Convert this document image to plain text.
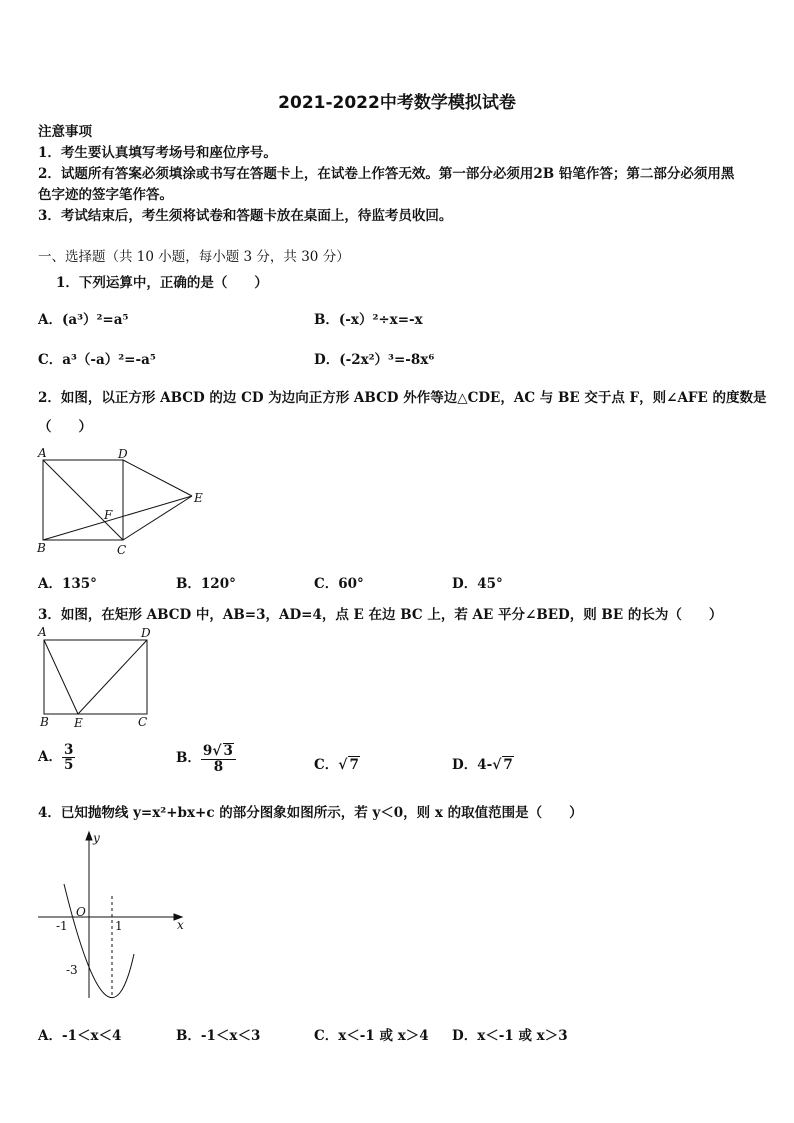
2021-2022中考数学模拟试卷
注意事项
1．考生要认真填写考场号和座位序号。
2．试题所有答案必须填涂或书写在答题卡上，在试卷上作答无效。第一部分必须用2B 铅笔作答；第二部分必须用黑
色字迹的签字笔作答。
3．考试结束后，考生须将试卷和答题卡放在桌面上，待监考员收回。
一、选择题（共 10 小题，每小题 3 分，共 30 分）
1．下列运算中，正确的是（　　）
A．(a³）²=a⁵	B．(-x）²÷x=-x
C．a³（-a）²=-a⁵	D．(-2x²）³=-8x⁶
2．如图，以正方形 ABCD 的边 CD 为边向正方形 ABCD 外作等边△CDE，AC 与 BE 交于点 F，则∠AFE 的度数是
（　　）
A	D
E
F
B	C
A．135°	B．120°	C．60°	D．45°
3．如图，在矩形 ABCD 中，AB=3，AD=4，点 E 在边 BC 上，若 AE 平分∠BED，则 BE 的长为（　　）
A	D
B E	C
A． $\frac{3}{5}$	B． $\frac{9√ 3}{8}$	C．√ 7	D．4-√ 7
4．已知抛物线 y=x²+bx+c 的部分图象如图所示，若 y＜0，则 x 的取值范围是（　　）
y
x
O
-1	1
-3
A．-1＜x＜4	B．-1＜x＜3	C．x＜-1 或 x＞4 D．x＜-1 或 x＞3
